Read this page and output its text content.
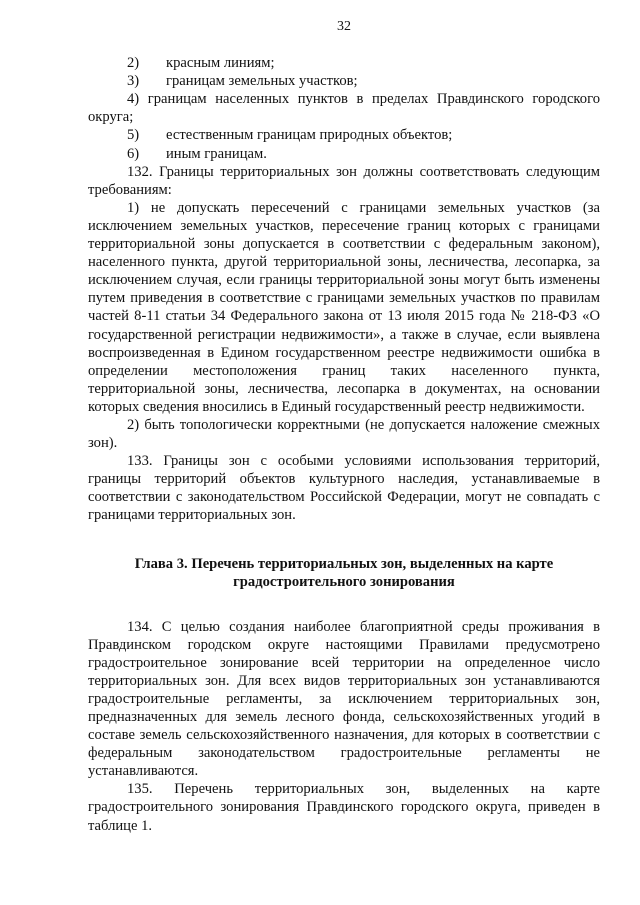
32
2) красным линиям;
3) границам земельных участков;

4) границам населенных пунктов в пределах Правдинского городского округа;

5) естественным границам природных объектов;
6) иным границам.

132. Границы территориальных зон должны соответствовать следующим требованиям:

1) не допускать пересечений с границами земельных участков (за исключением земельных участков, пересечение границ которых с границами территориальной зоны допускается в соответствии с федеральным законом), населенного пункта, другой территориальной зоны, лесничества, лесопарка, за исключением случая, если границы территориальной зоны могут быть изменены путем приведения в соответствие с границами земельных участков по правилам частей 8-11 статьи 34 Федерального закона от 13 июля 2015 года № 218-ФЗ «О государственной регистрации недвижимости», а также в случае, если выявлена воспроизведенная в Едином государственном реестре недвижимости ошибка в определении местоположения границ таких населенного пункта, территориальной зоны, лесничества, лесопарка в документах, на основании которых сведения вносились в Единый государственный реестр недвижимости.

2) быть топологически корректными (не допускается наложение смежных зон).

133. Границы зон с особыми условиями использования территорий, границы территорий объектов культурного наследия, устанавливаемые в соответствии с законодательством Российской Федерации, могут не совпадать с границами территориальных зон.

Глава 3. Перечень территориальных зон, выделенных на карте
градостроительного зонирования

134. С целью создания наиболее благоприятной среды проживания в Правдинском городском округе настоящими Правилами предусмотрено градостроительное зонирование всей территории на определенное число территориальных зон. Для всех видов территориальных зон устанавливаются градостроительные регламенты, за исключением территориальных зон, предназначенных для земель лесного фонда, сельскохозяйственных угодий в составе земель сельскохозяйственного назначения, для которых в соответствии с федеральным законодательством градостроительные регламенты не устанавливаются.

135. Перечень территориальных зон, выделенных на карте градостроительного зонирования Правдинского городского округа, приведен в таблице 1.
